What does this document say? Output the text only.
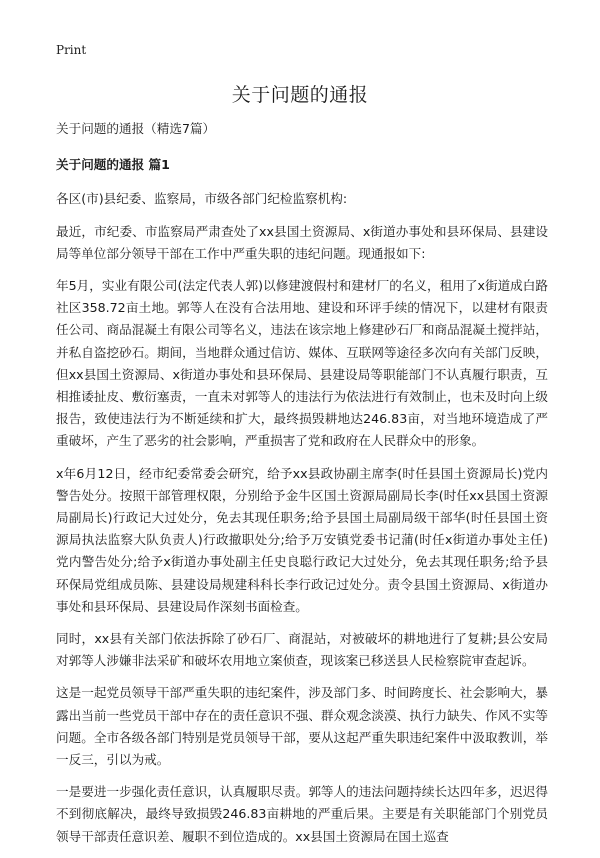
Print
关于问题的通报

关于问题的通报（精选7篇）

关于问题的通报 篇1

各区(市)县纪委、监察局，市级各部门纪检监察机构:

最近，市纪委、市监察局严肃查处了xx县国土资源局、x街道办事处和县环保局、县建设局等单位部分领导干部在工作中严重失职的违纪问题。现通报如下:

年5月，实业有限公司(法定代表人郭)以修建渡假村和建材厂的名义，租用了x街道成白路社区358.72亩土地。郭等人在没有合法用地、建设和环评手续的情况下，以建材有限责任公司、商品混凝土有限公司等名义，违法在该宗地上修建砂石厂和商品混凝土搅拌站，并私自盗挖砂石。期间，当地群众通过信访、媒体、互联网等途径多次向有关部门反映，但xx县国土资源局、x街道办事处和县环保局、县建设局等职能部门不认真履行职责，互相推诿扯皮、敷衍塞责，一直未对郭等人的违法行为依法进行有效制止，也未及时向上级报告，致使违法行为不断延续和扩大，最终损毁耕地达246.83亩，对当地环境造成了严重破坏，产生了恶劣的社会影响，严重损害了党和政府在人民群众中的形象。

x年6月12日，经市纪委常委会研究，给予xx县政协副主席李(时任县国土资源局长)党内警告处分。按照干部管理权限，分别给予金牛区国土资源局副局长李(时任xx县国土资源局副局长)行政记大过处分，免去其现任职务;给予县国土局副局级干部华(时任县国土资源局执法监察大队负责人)行政撤职处分;给予万安镇党委书记蒲(时任x街道办事处主任)党内警告处分;给予x街道办事处副主任史良聪行政记大过处分，免去其现任职务;给予县环保局党组成员陈、县建设局规建科科长李行政记过处分。责令县国土资源局、x街道办事处和县环保局、县建设局作深刻书面检查。

同时，xx县有关部门依法拆除了砂石厂、商混站，对被破坏的耕地进行了复耕;县公安局对郭等人涉嫌非法采矿和破坏农用地立案侦查，现该案已移送县人民检察院审查起诉。

这是一起党员领导干部严重失职的违纪案件，涉及部门多、时间跨度长、社会影响大，暴露出当前一些党员干部中存在的责任意识不强、群众观念淡漠、执行力缺失、作风不实等问题。全市各级各部门特别是党员领导干部，要从这起严重失职违纪案件中汲取教训，举一反三，引以为戒。

一是要进一步强化责任意识，认真履职尽责。郭等人的违法问题持续长达四年多，迟迟得不到彻底解决，最终导致损毁246.83亩耕地的严重后果。主要是有关职能部门个别党员领导干部责任意识差、履职不到位造成的。xx县国土资源局在国土巡查
